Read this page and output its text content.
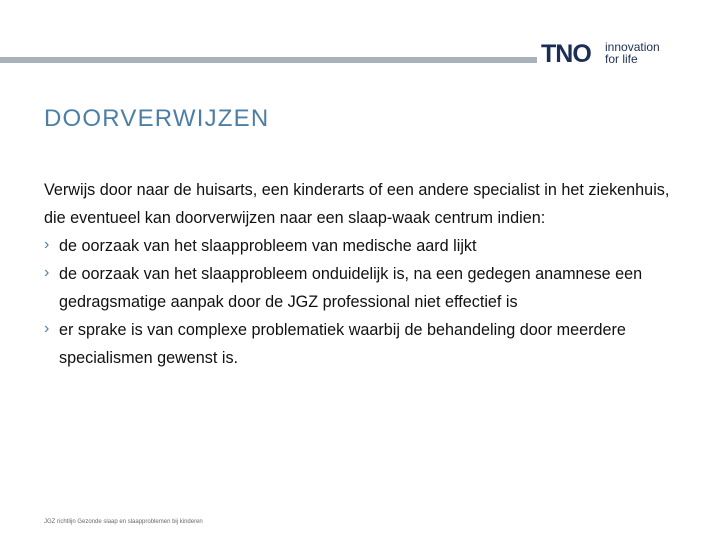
TNO	innovation
for life
DOORVERWIJZEN

Verwijs door naar de huisarts, een kinderarts of een andere specialist in het ziekenhuis, die eventueel kan doorverwijzen naar een slaap-waak centrum indien:

› de oorzaak van het slaapprobleem van medische aard lijkt
› de oorzaak van het slaapprobleem onduidelijk is, na een gedegen anamnese een gedragsmatige aanpak door de JGZ professional niet effectief is
› er sprake is van complexe problematiek waarbij de behandeling door meerdere specialismen gewenst is.
JGZ richtlijn Gezonde slaap en slaapproblemen bij kinderen
